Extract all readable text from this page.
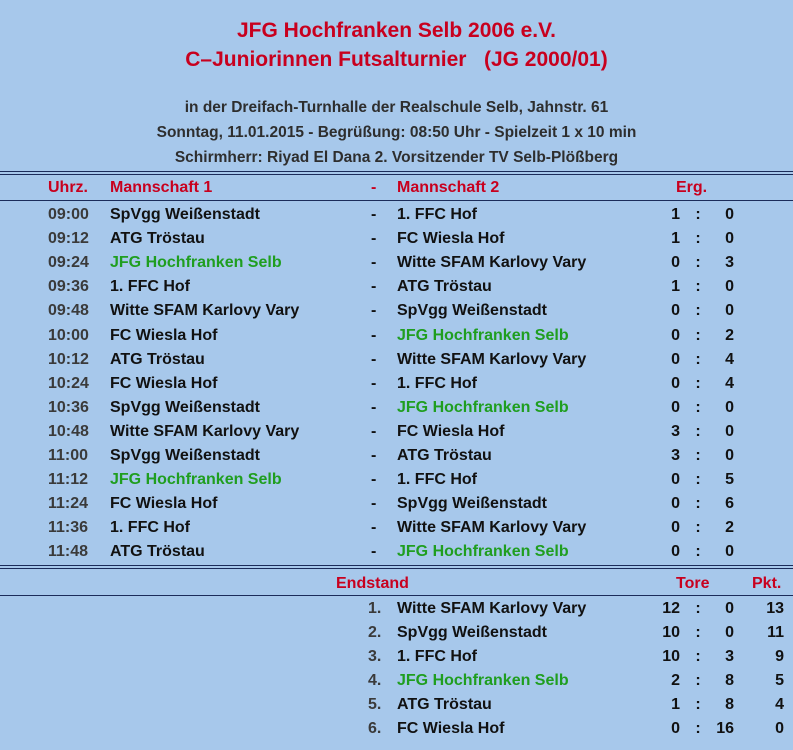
JFG Hochfranken Selb 2006 e.V.
C–Juniorinnen Futsalturnier   (JG 2000/01)
in der Dreifach-Turnhalle der Realschule Selb, Jahnstr. 61
Sonntag, 11.01.2015 - Begrüßung: 08:50 Uhr - Spielzeit 1 x 10 min
Schirmherr: Riyad El Dana 2. Vorsitzender TV Selb-Plößberg
Uhrz. Mannschaft 1	- Mannschaft 2	Erg.
09:00 SpVgg Weißenstadt	- 1. FFC Hof	1 :	0
09:12 ATG Tröstau	- FC Wiesla Hof	1 :	0
09:24 JFG Hochfranken Selb	- Witte SFAM Karlovy Vary	0 :	3
09:36 1. FFC Hof	- ATG Tröstau	1 :	0
09:48 Witte SFAM Karlovy Vary	- SpVgg Weißenstadt	0 :	0
10:00 FC Wiesla Hof	- JFG Hochfranken Selb	0 :	2
10:12 ATG Tröstau	- Witte SFAM Karlovy Vary	0 :	4
10:24 FC Wiesla Hof	- 1. FFC Hof	0 :	4
10:36 SpVgg Weißenstadt	- JFG Hochfranken Selb	0 :	0
10:48 Witte SFAM Karlovy Vary	- FC Wiesla Hof	3 :	0
11:00 SpVgg Weißenstadt	- ATG Tröstau	3 :	0
11:12 JFG Hochfranken Selb	- 1. FFC Hof	0 :	5
11:24 FC Wiesla Hof	- SpVgg Weißenstadt	0 :	6
11:36 1. FFC Hof	- Witte SFAM Karlovy Vary	0 :	2
11:48 ATG Tröstau	- JFG Hochfranken Selb	0 :	0
Endstand	Tore	Pkt.
1. Witte SFAM Karlovy Vary	12 :	0	13
2. SpVgg Weißenstadt	10 :	0	11
3. 1. FFC Hof	10 :	3	9
4. JFG Hochfranken Selb	2 :	8	5
5. ATG Tröstau	1 :	8	4
6. FC Wiesla Hof	0 : 16	0
